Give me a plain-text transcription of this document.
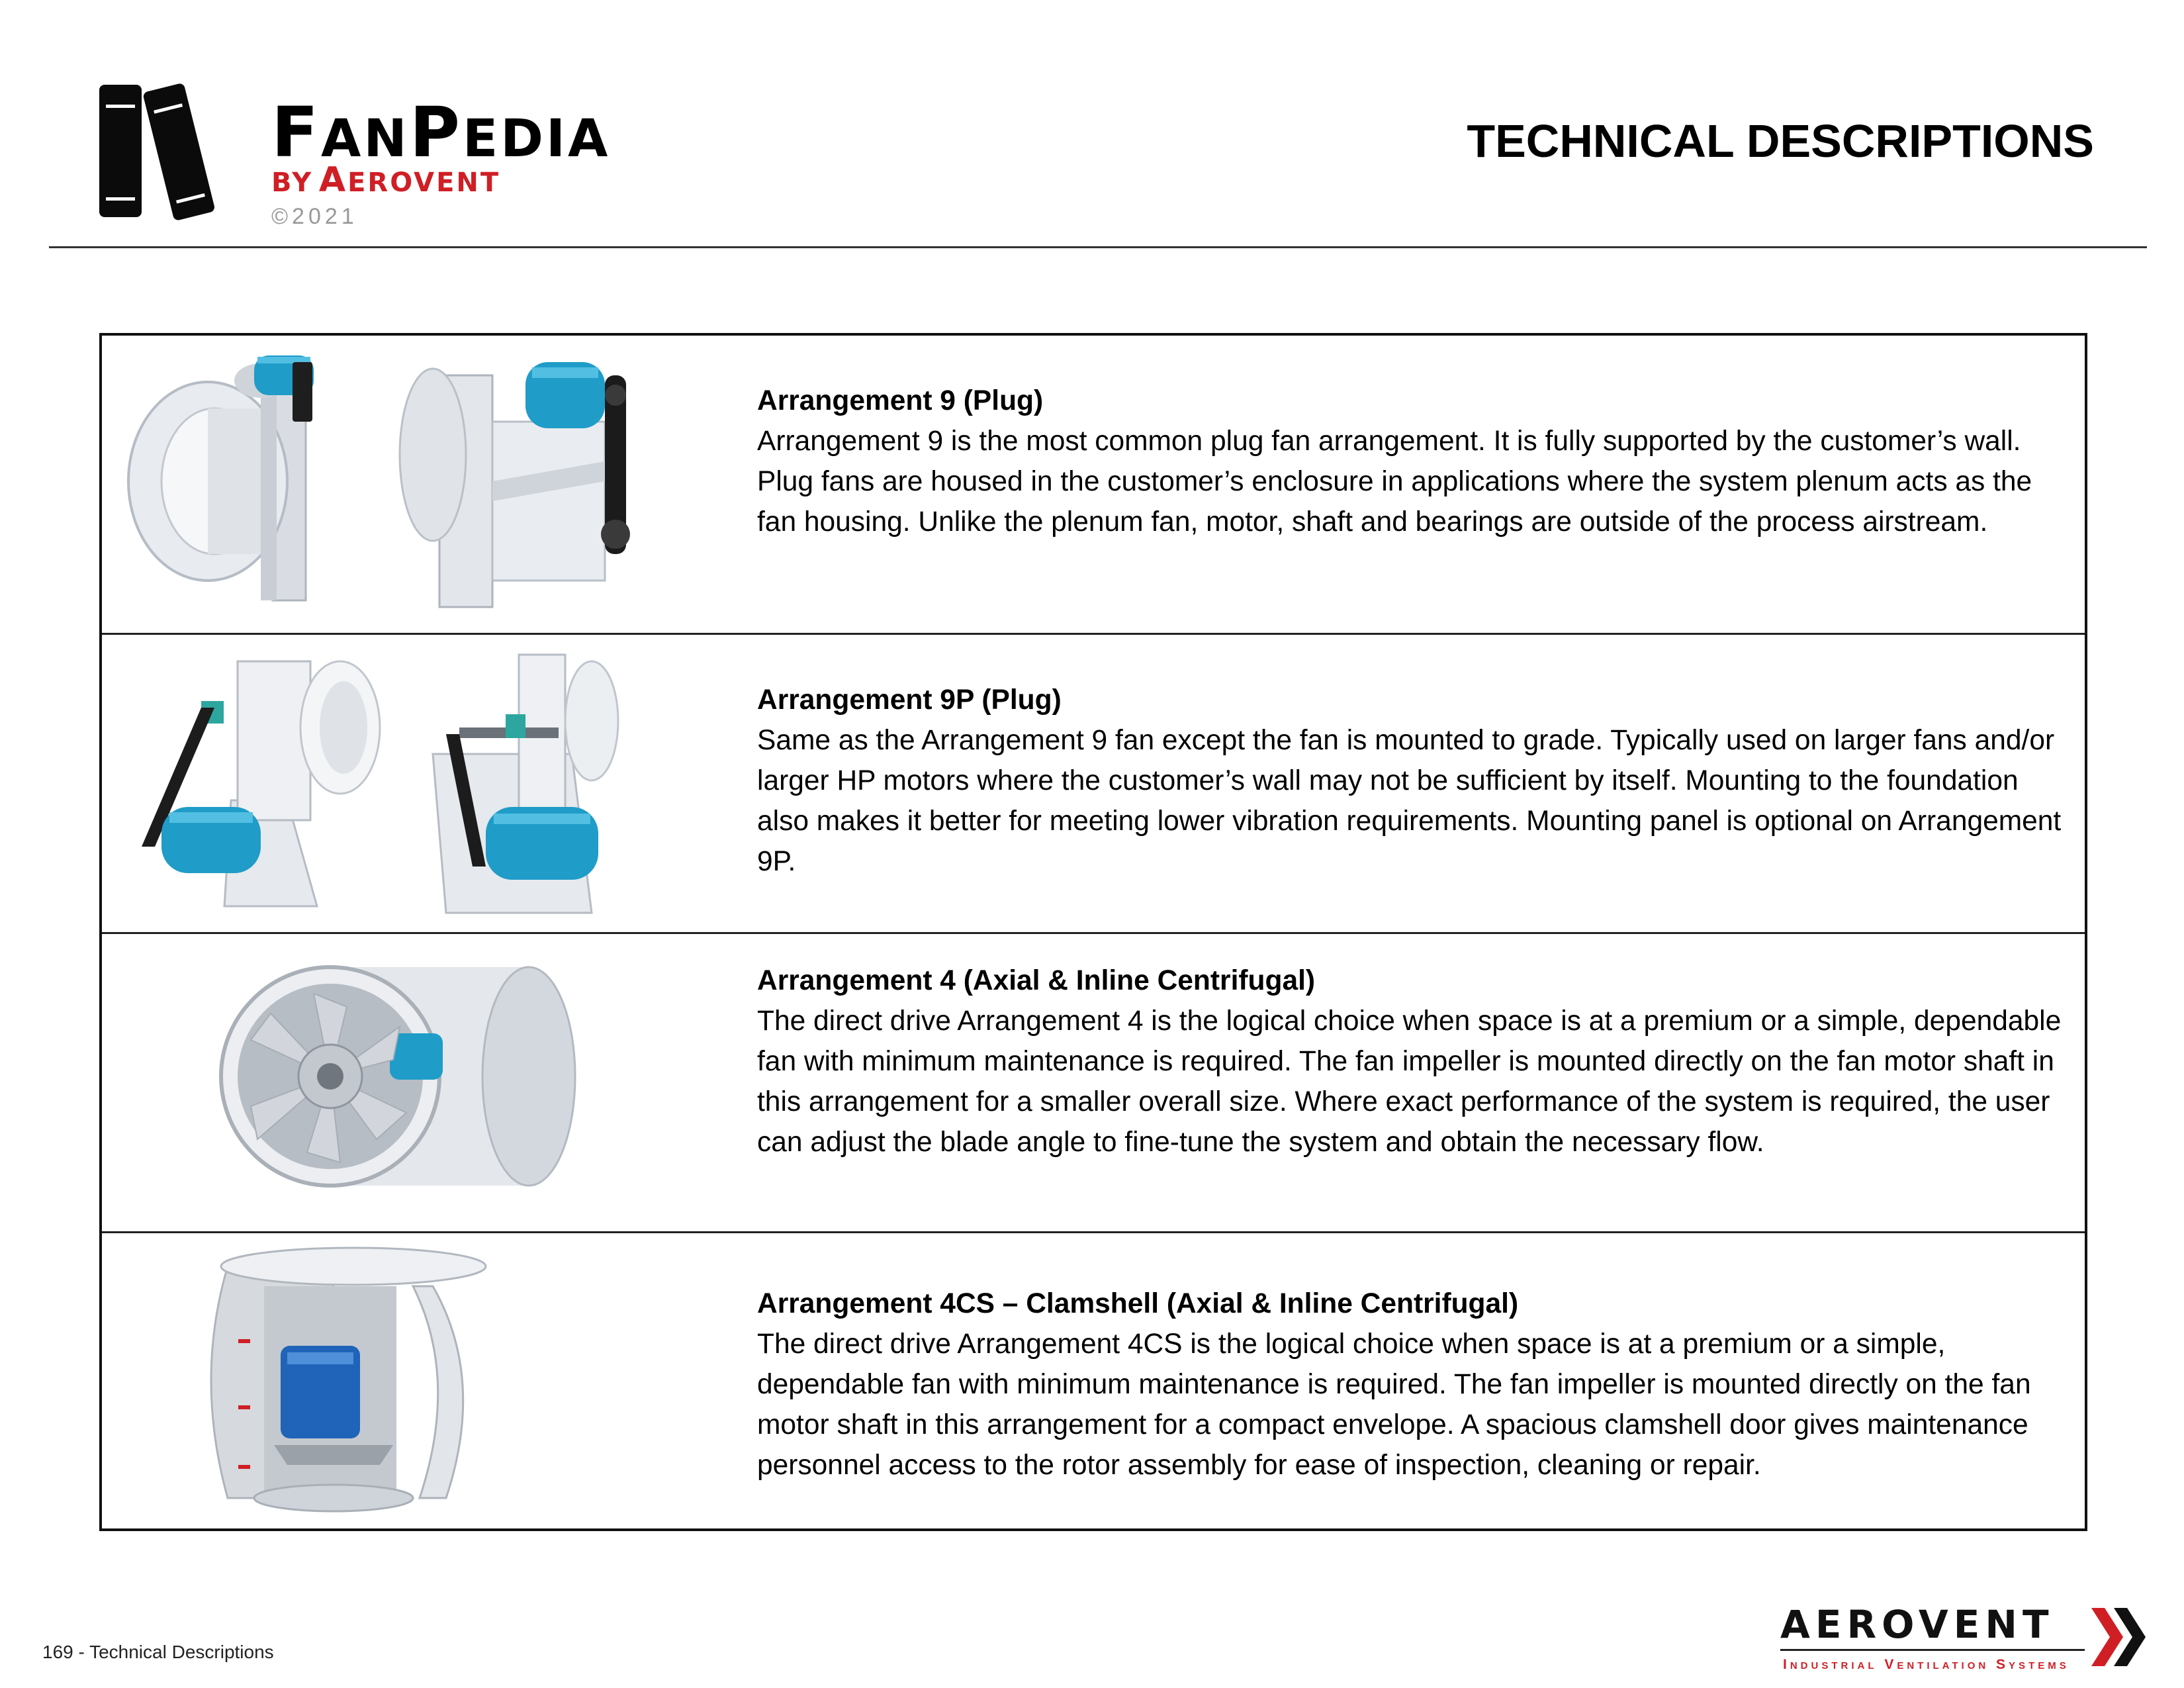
FANPEDIA
BY AEROVENT
©2021
TECHNICAL DESCRIPTIONS
Arrangement 9 (Plug)
Arrangement 9 is the most common plug fan arrangement. It is fully supported by the customer’s wall. Plug fans are housed in the customer’s enclosure in applications where the system plenum acts as the fan housing. Unlike the plenum fan, motor, shaft and bearings are outside of the process airstream.
Arrangement 9P (Plug)
Same as the Arrangement 9 fan except the fan is mounted to grade. Typically used on larger fans and/or larger HP motors where the customer’s wall may not be sufficient by itself. Mounting to the foundation also makes it better for meeting lower vibration requirements. Mounting panel is optional on Arrangement 9P.
Arrangement 4 (Axial & Inline Centrifugal)
The direct drive Arrangement 4 is the logical choice when space is at a premium or a simple, dependable fan with minimum maintenance is required. The fan impeller is mounted directly on the fan motor shaft in this arrangement for a smaller overall size. Where exact performance of the system is required, the user can adjust the blade angle to fine-tune the system and obtain the necessary flow.
Arrangement 4CS – Clamshell (Axial & Inline Centrifugal)
The direct drive Arrangement 4CS is the logical choice when space is at a premium or a simple, dependable fan with minimum maintenance is required. The fan impeller is mounted directly on the fan motor shaft in this arrangement for a compact envelope. A spacious clamshell door gives maintenance personnel access to the rotor assembly for ease of inspection, cleaning or repair.
169 - Technical Descriptions
AEROVENT
Industrial Ventilation Systems
